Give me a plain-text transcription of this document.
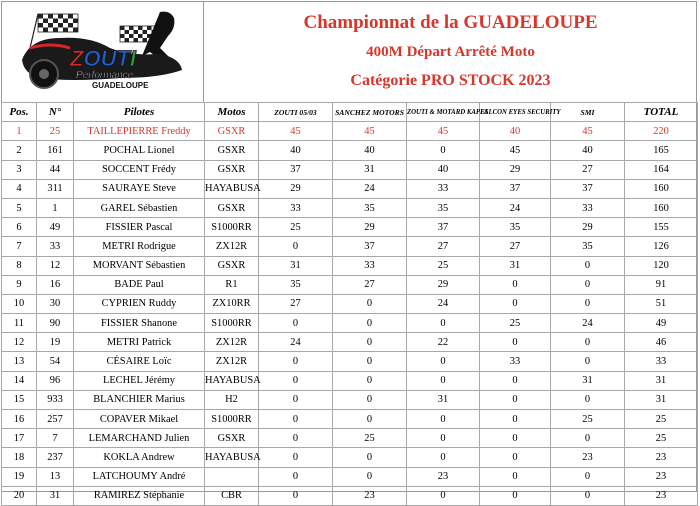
ZOUTI
Performance
GUADELOUPE
Championnat de la GUADELOUPE
400M Départ Arrêté Moto
Catégorie PRO STOCK 2023
Pos.	N°	Pilotes	Motos	ZOUTI 05/03	SANCHEZ MOTORS	ZOUTI & MOTARD KAPES	FALCON EYES SECURITY	SMI	TOTAL
1	25	TAILLEPIERRE Freddy	GSXR	45	45	45	40	45	220
2	161	POCHAL Lionel	GSXR	40	40	0	45	40	165
3	44	SOCCENT Frédy	GSXR	37	31	40	29	27	164
4	311	SAURAYE Steve	HAYABUSA	29	24	33	37	37	160
5	1	GAREL Sébastien	GSXR	33	35	35	24	33	160
6	49	FISSIER Pascal	S1000RR	25	29	37	35	29	155
7	33	METRI Rodrigue	ZX12R	0	37	27	27	35	126
8	12	MORVANT Sébastien	GSXR	31	33	25	31	0	120
9	16	BADE Paul	R1	35	27	29	0	0	91
10	30	CYPRIEN Ruddy	ZX10RR	27	0	24	0	0	51
11	90	FISSIER Shanone	S1000RR	0	0	0	25	24	49
12	19	METRI Patrick	ZX12R	24	0	22	0	0	46
13	54	CÉSAIRE Loïc	ZX12R	0	0	0	33	0	33
14	96	LECHEL Jérémy	HAYABUSA	0	0	0	0	31	31
15	933	BLANCHIER Marius	H2	0	0	31	0	0	31
16	257	COPAVER Mikael	S1000RR	0	0	0	0	25	25
17	7	LEMARCHAND Julien	GSXR	0	25	0	0	0	25
18	237	KOKLA Andrew	HAYABUSA	0	0	0	0	23	23
19	13	LATCHOUMY André		0	0	23	0	0	23
20	31	RAMIREZ Stéphanie	CBR	0	23	0	0	0	23
